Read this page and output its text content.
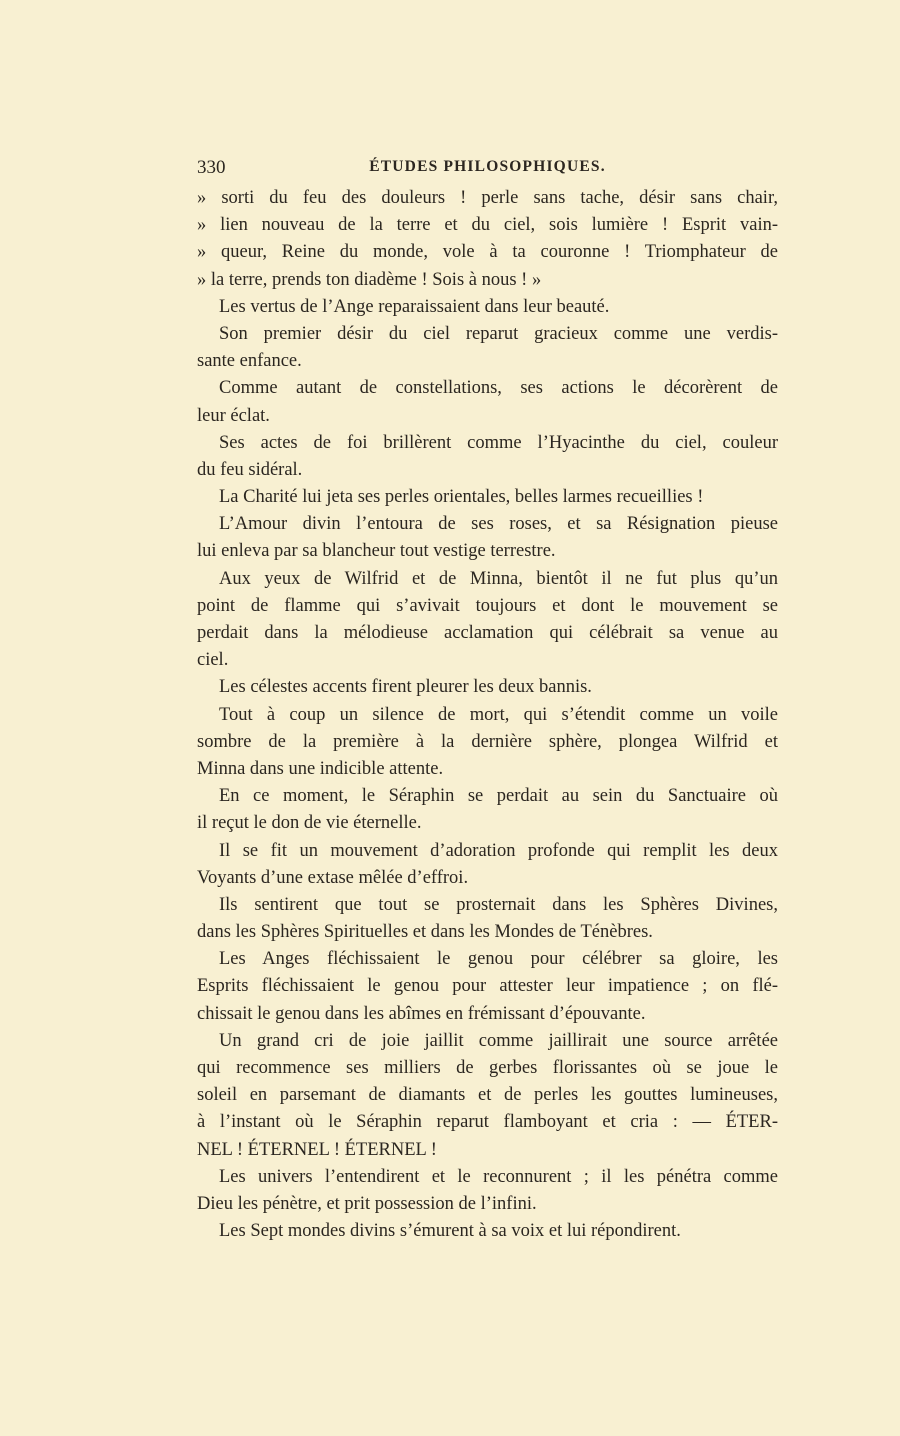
330	ÉTUDES PHILOSOPHIQUES.
» sorti du feu des douleurs ! perle sans tache, désir sans chair,
» lien nouveau de la terre et du ciel, sois lumière ! Esprit vain-
» queur, Reine du monde, vole à ta couronne ! Triomphateur de
» la terre, prends ton diadème ! Sois à nous ! »
Les vertus de l’Ange reparaissaient dans leur beauté.
Son premier désir du ciel reparut gracieux comme une verdis-
sante enfance.
Comme autant de constellations, ses actions le décorèrent de
leur éclat.
Ses actes de foi brillèrent comme l’Hyacinthe du ciel, couleur
du feu sidéral.
La Charité lui jeta ses perles orientales, belles larmes recueillies !
L’Amour divin l’entoura de ses roses, et sa Résignation pieuse
lui enleva par sa blancheur tout vestige terrestre.
Aux yeux de Wilfrid et de Minna, bientôt il ne fut plus qu’un
point de flamme qui s’avivait toujours et dont le mouvement se
perdait dans la mélodieuse acclamation qui célébrait sa venue au
ciel.
Les célestes accents firent pleurer les deux bannis.
Tout à coup un silence de mort, qui s’étendit comme un voile
sombre de la première à la dernière sphère, plongea Wilfrid et
Minna dans une indicible attente.
En ce moment, le Séraphin se perdait au sein du Sanctuaire où
il reçut le don de vie éternelle.
Il se fit un mouvement d’adoration profonde qui remplit les deux
Voyants d’une extase mêlée d’effroi.
Ils sentirent que tout se prosternait dans les Sphères Divines,
dans les Sphères Spirituelles et dans les Mondes de Ténèbres.
Les Anges fléchissaient le genou pour célébrer sa gloire, les
Esprits fléchissaient le genou pour attester leur impatience ; on flé-
chissait le genou dans les abîmes en frémissant d’épouvante.
Un grand cri de joie jaillit comme jaillirait une source arrêtée
qui recommence ses milliers de gerbes florissantes où se joue le
soleil en parsemant de diamants et de perles les gouttes lumineuses,
à l’instant où le Séraphin reparut flamboyant et cria : — ÉTER-
NEL ! ÉTERNEL ! ÉTERNEL !
Les univers l’entendirent et le reconnurent ; il les pénétra comme
Dieu les pénètre, et prit possession de l’infini.
Les Sept mondes divins s’émurent à sa voix et lui répondirent.
